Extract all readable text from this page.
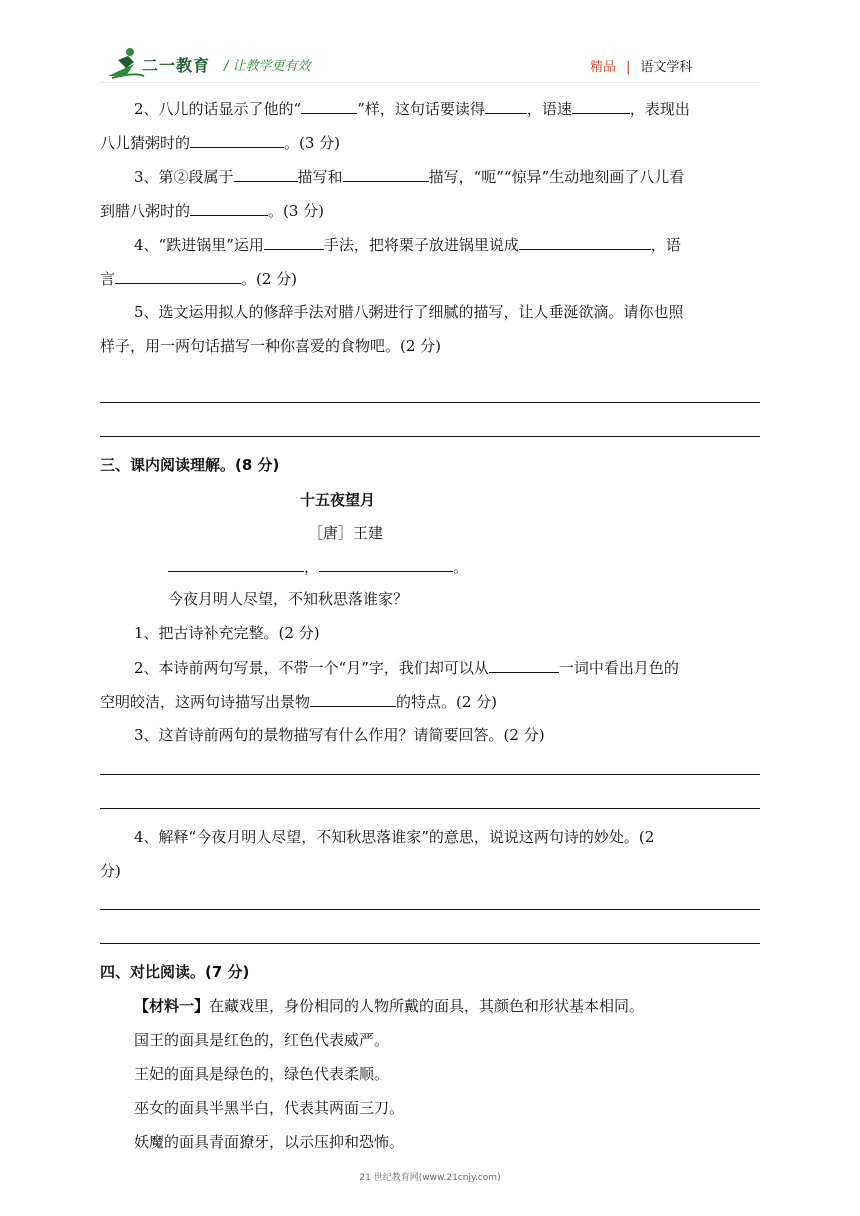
二一教育 / 让教学更有效	精品 | 语文学科
2、八儿的话显示了他的“	”样，这句话要读得	，语速	，表现出
八儿猜粥时的	。(3 分)
3、第②段属于	描写和	描写，“呃”“惊异”生动地刻画了八儿看
到腊八粥时的	。(3 分)
4、“跌进锅里”运用	手法，把将栗子放进锅里说成	，语
言	。(2 分)
5、选文运用拟人的修辞手法对腊八粥进行了细腻的描写，让人垂涎欲滴。请你也照
样子，用一两句话描写一种你喜爱的食物吧。(2 分)
三、课内阅读理解。(8 分)
十五夜望月
［唐］王建
，	。
今夜月明人尽望，不知秋思落谁家？
1、把古诗补充完整。(2 分)
2、本诗前两句写景，不带一个“月”字，我们却可以从	一词中看出月色的
空明皎洁，这两句诗描写出景物	的特点。(2 分)
3、这首诗前两句的景物描写有什么作用？请简要回答。(2 分)
4、解释“今夜月明人尽望，不知秋思落谁家”的意思，说说这两句诗的妙处。(2
分)
四、对比阅读。(7 分)
【材料一】在藏戏里，身份相同的人物所戴的面具，其颜色和形状基本相同。
国王的面具是红色的，红色代表威严。
王妃的面具是绿色的，绿色代表柔顺。
巫女的面具半黑半白，代表其两面三刀。
妖魔的面具青面獠牙，以示压抑和恐怖。
21 世纪教育网(www.21cnjy.com)
